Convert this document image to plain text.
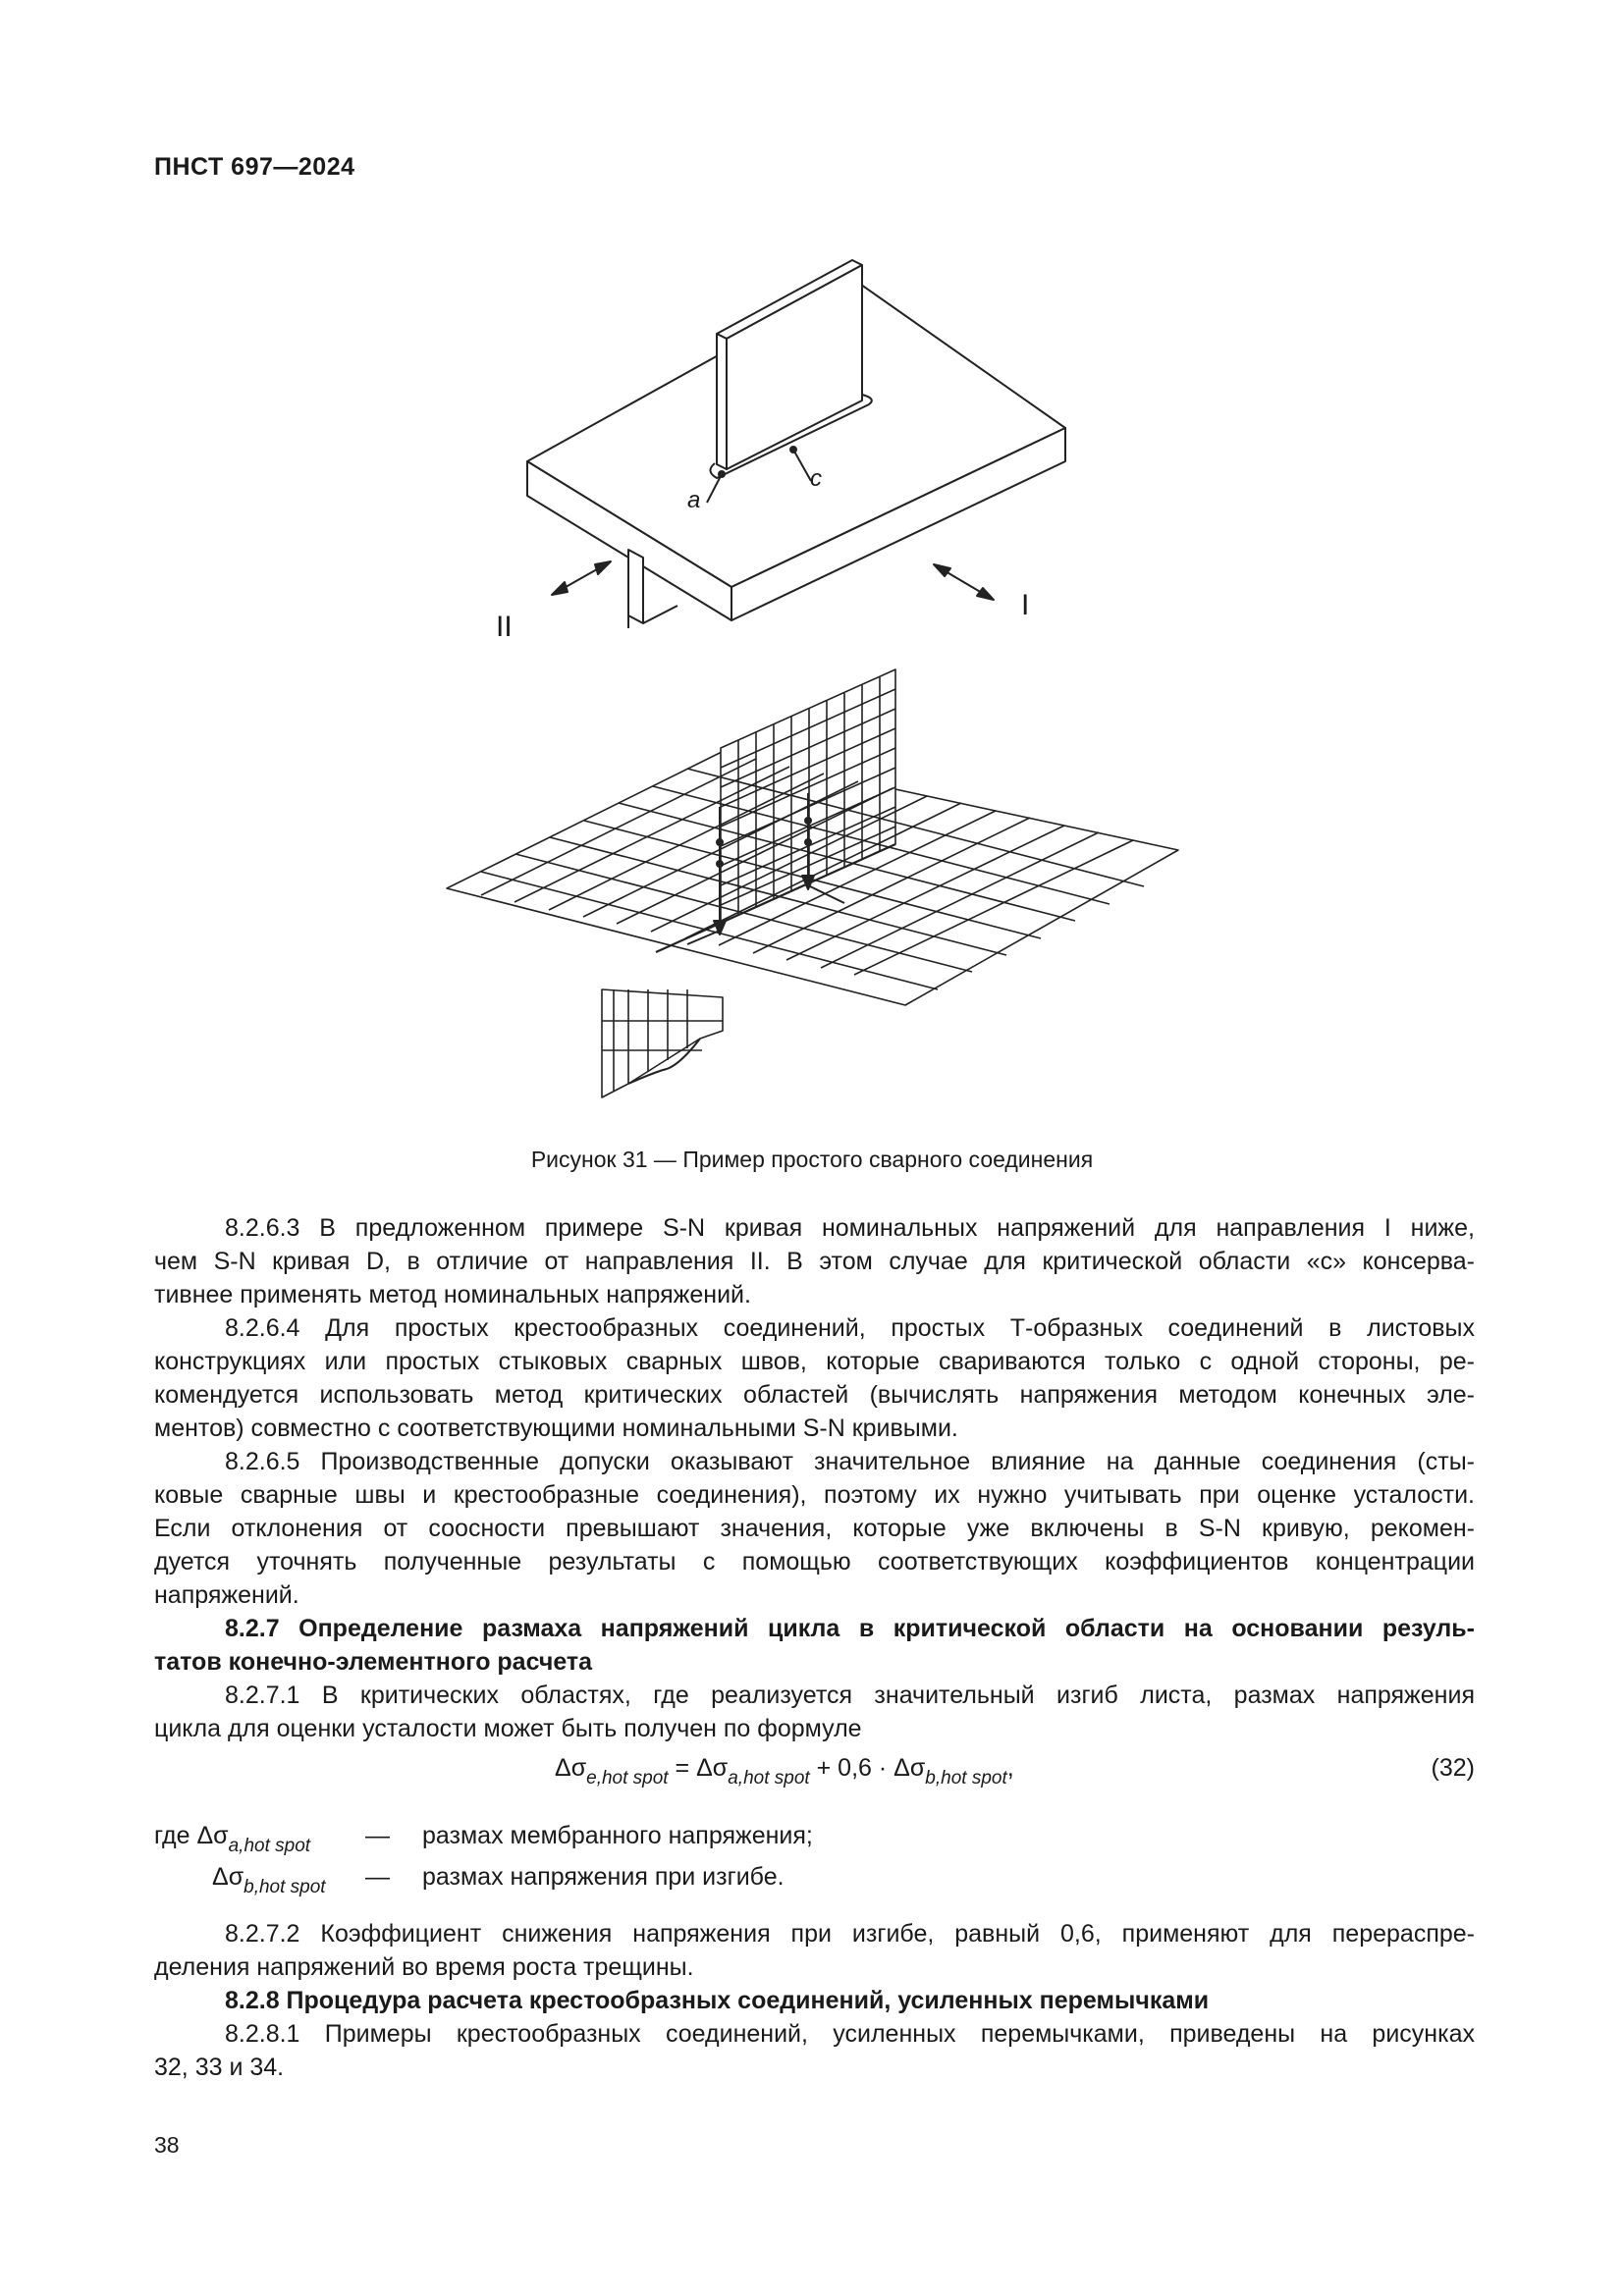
ПНСТ 697—2024
I
II
a
c
Рисунок 31 — Пример простого сварного соединения
8.2.6.3 В предложенном примере S-N кривая номинальных напряжений для направления I ниже,
чем S-N кривая D, в отличие от направления II. В этом случае для критической области «c» консерва-
тивнее применять метод номинальных напряжений.
8.2.6.4 Для простых крестообразных соединений, простых Т-образных соединений в листовых
конструкциях или простых стыковых сварных швов, которые свариваются только с одной стороны, ре-
комендуется использовать метод критических областей (вычислять напряжения методом конечных эле-
ментов) совместно с соответствующими номинальными S-N кривыми.
8.2.6.5 Производственные допуски оказывают значительное влияние на данные соединения (сты-
ковые сварные швы и крестообразные соединения), поэтому их нужно учитывать при оценке усталости.
Если отклонения от соосности превышают значения, которые уже включены в S-N кривую, рекомен-
дуется уточнять полученные результаты с помощью соответствующих коэффициентов концентрации
напряжений.
8.2.7 Определение размаха напряжений цикла в критической области на основании резуль-
татов конечно-элементного расчета
8.2.7.1 В критических областях, где реализуется значительный изгиб листа, размах напряжения
цикла для оценки усталости может быть получен по формуле
$\Delta\sigma_{e,hot spot} = \Delta\sigma_{a,hot spot} + 0,6 \cdot \Delta\sigma_{b,hot spot}$,	(32)
где $\Delta\sigma_{a,hot spot}$ — размах мембранного напряжения;
$\Delta\sigma_{b,hot spot}$ — размах напряжения при изгибе.
8.2.7.2 Коэффициент снижения напряжения при изгибе, равный 0,6, применяют для перераспре-
деления напряжений во время роста трещины.
8.2.8 Процедура расчета крестообразных соединений, усиленных перемычками
8.2.8.1 Примеры крестообразных соединений, усиленных перемычками, приведены на рисунках
32, 33 и 34.
38
